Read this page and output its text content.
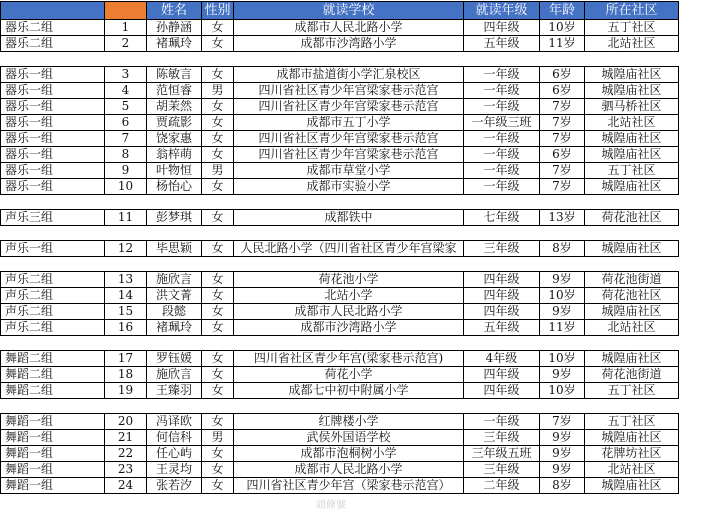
		姓名	性别	就读学校	就读年级	年龄	所在社区
器乐二组	1	孙静涵	女	成都市人民北路小学	四年级	10岁	五丁社区
器乐二组	2	褚珮玲	女	成都市沙湾路小学	五年级	11岁	北站社区

器乐一组	3	陈敏言	女	成都市盐道街小学汇泉校区	一年级	6岁	城隍庙社区
器乐一组	4	范恒睿	男	四川省社区青少年宫梁家巷示范宫	一年级	6岁	城隍庙社区
器乐一组	5	胡茉然	女	四川省社区青少年宫梁家巷示范宫	一年级	7岁	驷马桥社区
器乐一组	6	贾疏影	女	成都市五丁小学	一年级三班	7岁	北站社区
器乐一组	7	饶家惠	女	四川省社区青少年宫梁家巷示范宫	一年级	7岁	城隍庙社区
器乐一组	8	翁梓萌	女	四川省社区青少年宫梁家巷示范宫	一年级	6岁	城隍庙社区
器乐一组	9	叶物恒	男	成都市草堂小学	一年级	7岁	五丁社区
器乐一组	10	杨怡心	女	成都市实验小学	一年级	7岁	城隍庙社区

声乐三组	11	彭梦琪	女	成都铁中	七年级	13岁	荷花池社区

声乐一组	12	毕思颖	女	人民北路小学（四川省社区青少年宫梁家	三年级	8岁	城隍庙社区

声乐二组	13	施欣言	女	荷花池小学	四年级	9岁	荷花池街道
声乐二组	14	洪文菁	女	北站小学	四年级	10岁	荷花池社区
声乐二组	15	段懿	女	成都市人民北路小学	四年级	9岁	城隍庙社区
声乐二组	16	褚珮玲	女	成都市沙湾路小学	五年级	11岁	北站社区

舞蹈二组	17	罗钰媛	女	四川省社区青少年宫(梁家巷示范宫)	4年级	10岁	城隍庙社区
舞蹈二组	18	施欣言	女	荷花小学	四年级	9岁	荷花池街道
舞蹈二组	19	王臻羽	女	成都七中初中附属小学	四年级	10岁	五丁社区

舞蹈一组	20	冯译欧	女	红牌楼小学	一年级	7岁	五丁社区
舞蹈一组	21	何信科	男	武侯外国语学校	三年级	9岁	城隍庙社区
舞蹈一组	22	任心屿	女	成都市泡桐树小学	三年级五班	9岁	花牌坊社区
舞蹈一组	23	王灵均	女	成都市人民北路小学	三年级	9岁	北站社区
舞蹈一组	24	张若汐	女	四川省社区青少年宫（梁家巷示范宫）	二年级	8岁	城隍庙社区
頭條號
